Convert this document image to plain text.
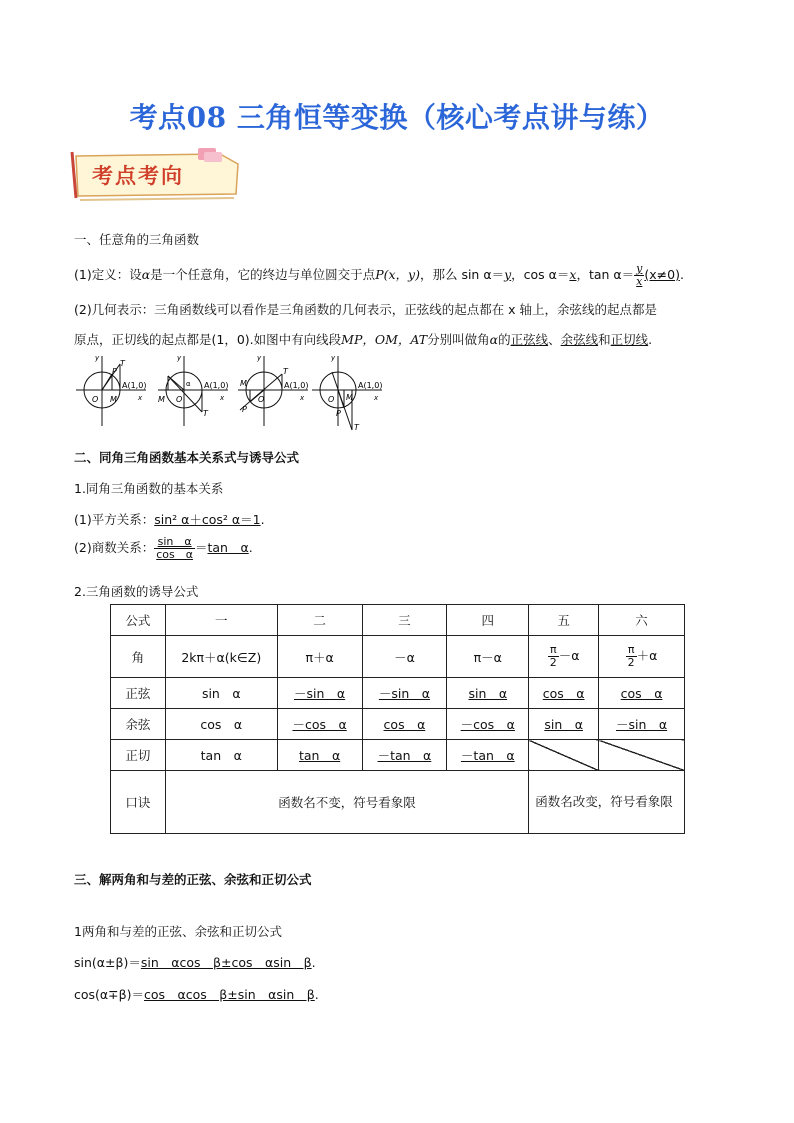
考点08 三角恒等变换（核心考点讲与练）
考点考向
一、任意角的三角函数
(1)定义：设α是一个任意角，它的终边与单位圆交于点P(x，y)，那么 sin α＝y，cos α＝x，$\tan \alpha= \frac{y}{x} (x\ne 0)$.
(2)几何表示：三角函数线可以看作是三角函数的几何表示，正弦线的起点都在 x 轴上，余弦线的起点都是
原点，正切线的起点都是(1，0).如图中有向线段MP，OM，AT分别叫做角α的正弦线、余弦线和正切线.
O M
P
T
A(1,0)
x
y
M O
α A(1,0)
T
x
y
M
O
P
T
A(1,0)
x
y
O M
P
T
A(1,0)
x
y
二、同角三角函数基本关系式与诱导公式
1.同角三角函数的基本关系
(1)平方关系：sin² α＋cos² α＝1.
(2)商数关系： $\frac{\text{sin　α}}{\text{cos　α}} =\tan$　α.
2.三角函数的诱导公式
公式	一	二	三	四	五	六
角	2kπ＋α(k∈Z)	π＋α	－α	π－α	$\frac{\pi}{2} -\alpha$	$\frac{\pi}{2} +\alpha$
正弦	sin　α	－sin　α	－sin　α	sin　α	cos　α	cos　α
余弦	cos　α	－cos　α	cos　α	－cos　α	sin　α	－sin　α
正切	tan　α	tan　α	－tan　α	－tan　α		
口诀	函数名不变，符号看象限				函数名改变，符号看象限	
三、解两角和与差的正弦、余弦和正切公式
1两角和与差的正弦、余弦和正切公式
sin(α±β)＝sin　αcos　β±cos　αsin　β.
cos(α∓β)＝cos　αcos　β±sin　αsin　β.
